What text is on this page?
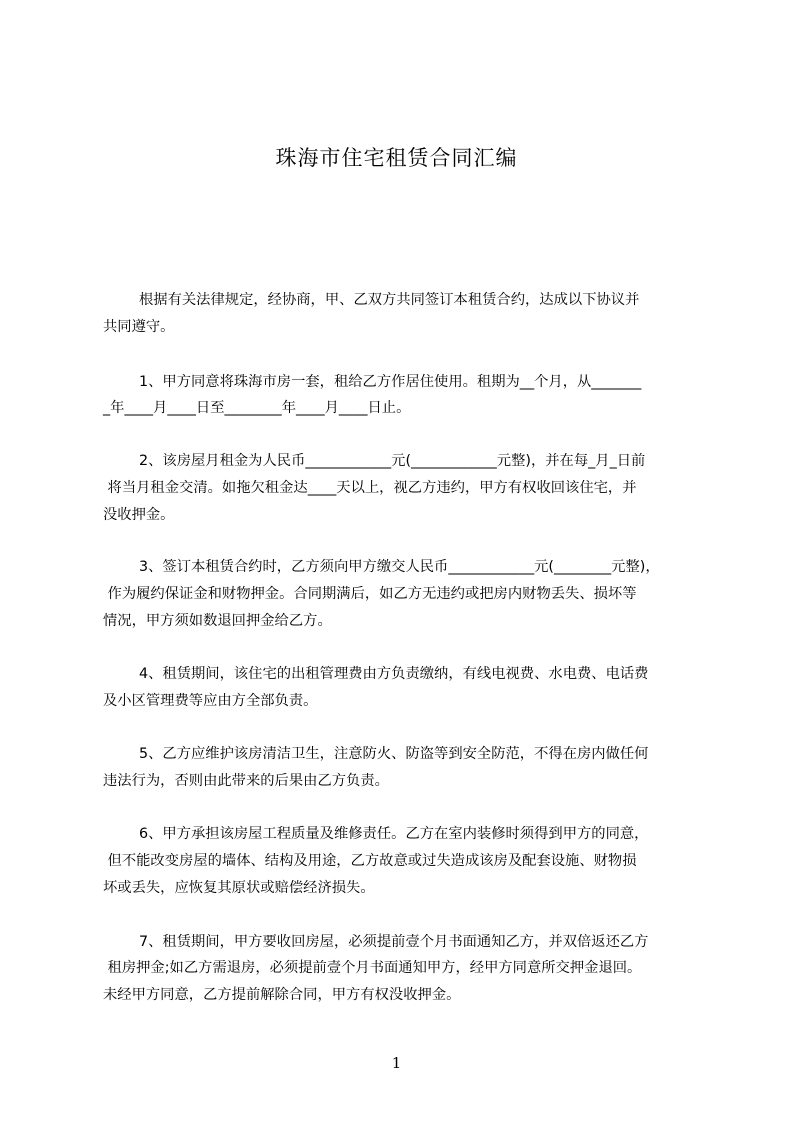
珠海市住宅租赁合同汇编
根据有关法律规定，经协商，甲、乙双方共同签订本租赁合约，达成以下协议并
共同遵守。
1、甲方同意将珠海市房一套，租给乙方作居住使用。租期为__个月，从_______
_年____月____日至________年____月____日止。
2、该房屋月租金为人民币____________元(____________元整)，并在每_月_日前
将当月租金交清。如拖欠租金达____天以上，视乙方违约，甲方有权收回该住宅，并
没收押金。
3、签订本租赁合约时，乙方须向甲方缴交人民币____________元(________元整)，
作为履约保证金和财物押金。合同期满后，如乙方无违约或把房内财物丢失、损坏等
情况，甲方须如数退回押金给乙方。
4、租赁期间，该住宅的出租管理费由方负责缴纳，有线电视费、水电费、电话费
及小区管理费等应由方全部负责。
5、乙方应维护该房清洁卫生，注意防火、防盗等到安全防范，不得在房内做任何
违法行为，否则由此带来的后果由乙方负责。
6、甲方承担该房屋工程质量及维修责任。乙方在室内装修时须得到甲方的同意，
但不能改变房屋的墙体、结构及用途，乙方故意或过失造成该房及配套设施、财物损
坏或丢失，应恢复其原状或赔偿经济损失。
7、租赁期间，甲方要收回房屋，必须提前壹个月书面通知乙方，并双倍返还乙方
租房押金;如乙方需退房，必须提前壹个月书面通知甲方，经甲方同意所交押金退回。
未经甲方同意，乙方提前解除合同，甲方有权没收押金。
1
